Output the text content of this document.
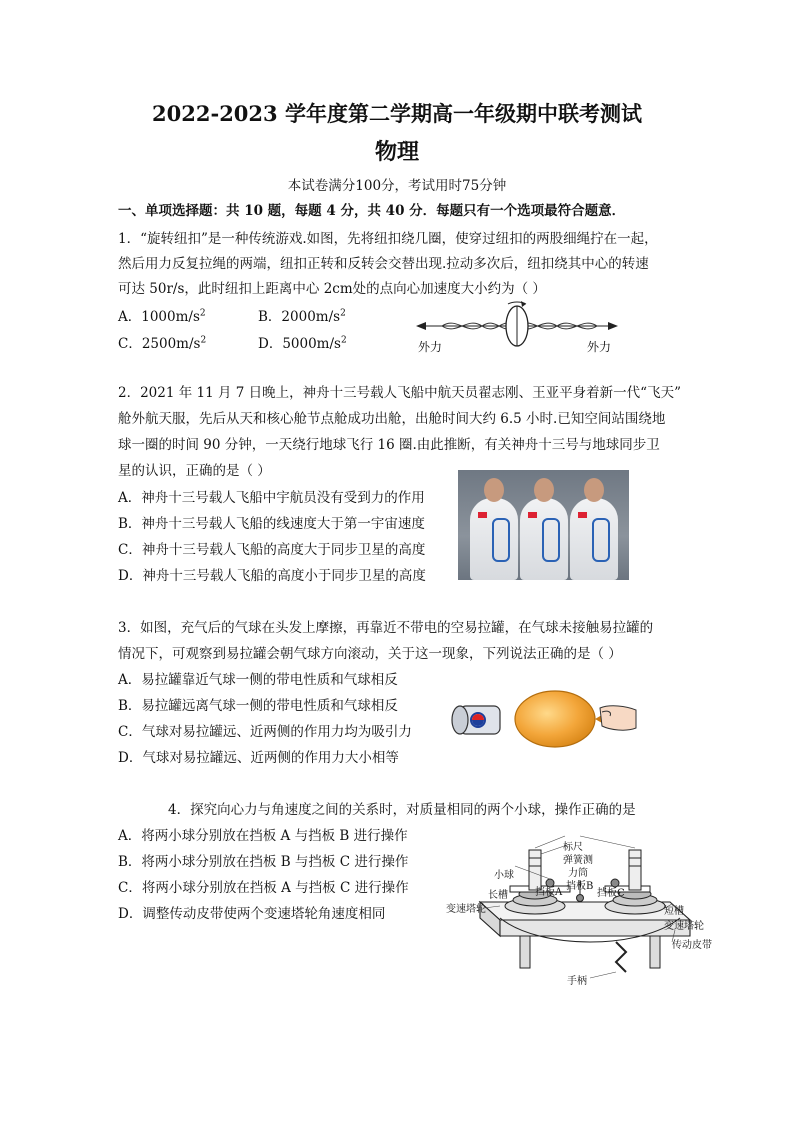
2022-2023 学年度第二学期高一年级期中联考测试
物理
本试卷满分100分，考试用时75分钟
一、单项选择题：共 10 题，每题 4 分，共 40 分．每题只有一个选项最符合题意．
1．“旋转纽扣”是一种传统游戏.如图，先将纽扣绕几圈，使穿过纽扣的两股细绳拧在一起，
然后用力反复拉绳的两端，纽扣正转和反转会交替出现.拉动多次后，纽扣绕其中心的转速
可达 50r/s，此时纽扣上距离中心 2cm处的点向心加速度大小约为（ ）
A．$1000m/s^2$	B．$2000m/s^2$
C．$2500m/s^2$	D．$5000m/s^2$	外力	外力
2．2021 年 11 月 7 日晚上，神舟十三号载人飞船中航天员翟志刚、王亚平身着新一代“飞天”
舱外航天服，先后从天和核心舱节点舱成功出舱，出舱时间大约 6.5 小时.已知空间站围绕地
球一圈的时间 90 分钟，一天绕行地球飞行 16 圈.由此推断，有关神舟十三号与地球同步卫
星的认识，正确的是（ ）
A．神舟十三号载人飞船中宇航员没有受到力的作用
B．神舟十三号载人飞船的线速度大于第一宇宙速度
C．神舟十三号载人飞船的高度大于同步卫星的高度
D．神舟十三号载人飞船的高度小于同步卫星的高度
3．如图，充气后的气球在头发上摩擦，再靠近不带电的空易拉罐，在气球未接触易拉罐的
情况下，可观察到易拉罐会朝气球方向滚动，关于这一现象，下列说法正确的是（ ）
A．易拉罐靠近气球一侧的带电性质和气球相反
B．易拉罐远离气球一侧的带电性质和气球相反
C．气球对易拉罐远、近两侧的作用力均为吸引力
D．气球对易拉罐远、近两侧的作用力大小相等
4．探究向心力与角速度之间的关系时，对质量相同的两个小球，操作正确的是
A．将两小球分别放在挡板 A 与挡板 B 进行操作
B．将两小球分别放在挡板 B 与挡板 C 进行操作
C．将两小球分别放在挡板 A 与挡板 C 进行操作
D．调整传动皮带使两个变速塔轮角速度相同
标尺
弹簧测
力筒
小球
长槽	挡板A
挡板B
挡板C
短槽
变速塔轮
变速塔轮
传动皮带
手柄
